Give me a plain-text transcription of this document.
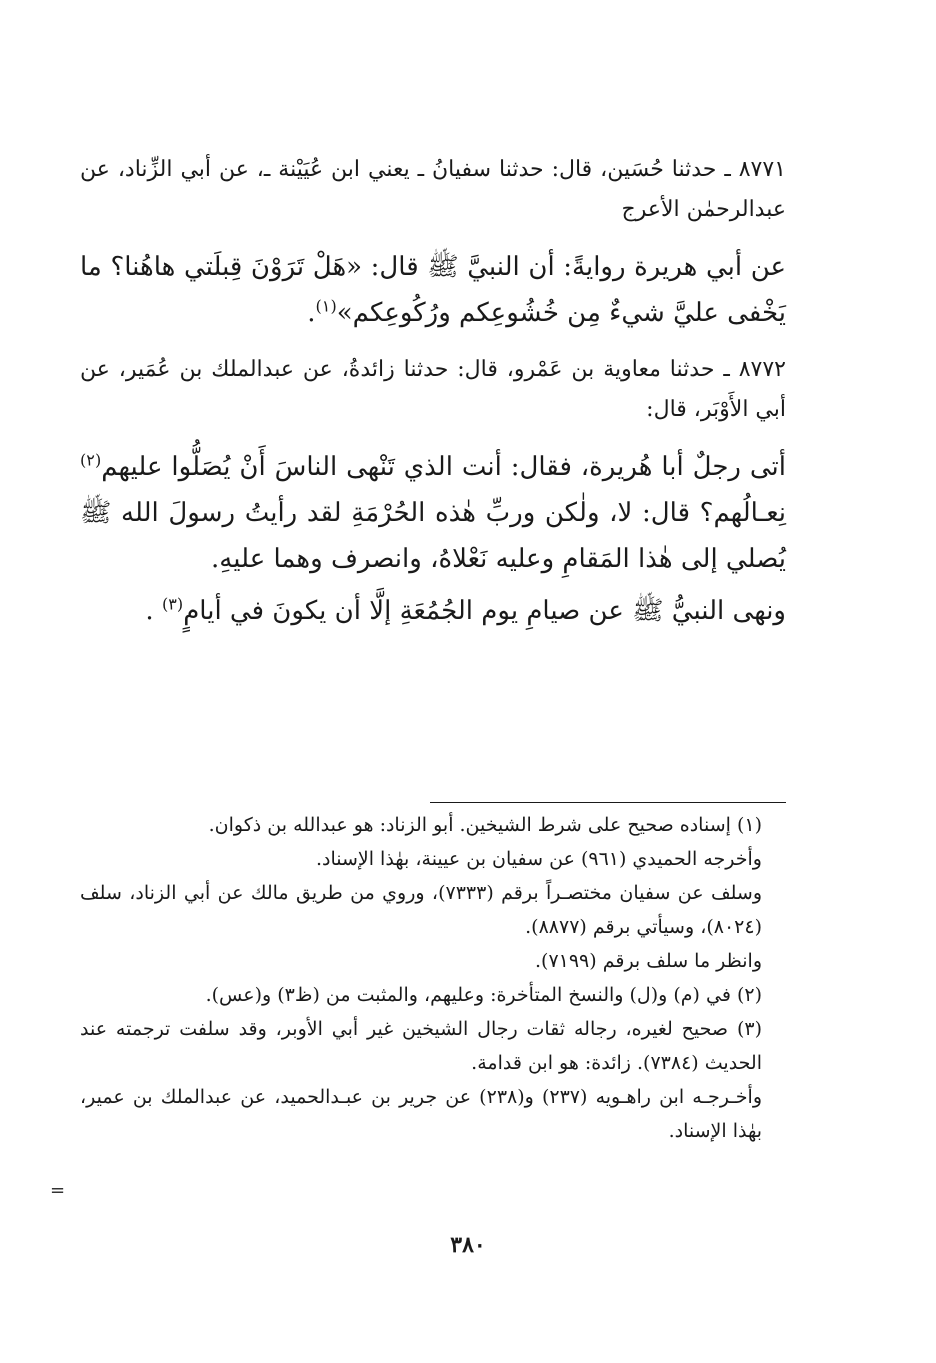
٨٧٧١ ـ حدثنا حُسَين، قال: حدثنا سفيانُ ـ يعني ابن عُيَيْنة ـ، عن أبي الزِّناد، عن عبدالرحمٰن الأعرج

عن أبي هريرة روايةً: أن النبيَّ ﷺ قال: «هَلْ تَرَوْنَ قِبلَتي هاهُنا؟ ما يَخْفى عليَّ شيءٌ مِن خُشُوعِكم ورُكُوعِكم»$^{(١)}$.

٨٧٧٢ ـ حدثنا معاوية بن عَمْرو، قال: حدثنا زائدةُ، عن عبدالملك بن عُمَير، عن أبي الأَوْبَر، قال:

أتى رجلٌ أبا هُريرة، فقال: أنت الذي تَنْهى الناسَ أَنْ يُصَلُّوا عليهم$^{(٢)}$ نِعـالُهم؟ قال: لا، ولٰكن وربِّ هٰذه الحُرْمَةِ لقد رأيتُ رسولَ الله ﷺ يُصلي إلى هٰذا المَقامِ وعليه نَعْلاهُ، وانصرف وهما عليهِ.

ونهى النبيُّ ﷺ عن صيامِ يوم الجُمُعَةِ إلَّا أن يكونَ في أيامٍ$^{(٣)}$ .

(١) إسناده صحيح على شرط الشيخين. أبو الزناد: هو عبدالله بن ذكوان.

وأخرجه الحميدي (٩٦١) عن سفيان بن عيينة، بهٰذا الإسناد.

وسلف عن سفيان مختصـراً برقم (٧٣٣٣)، وروي من طريق مالك عن أبي الزناد، سلف (٨٠٢٤)، وسيأتي برقم (٨٨٧٧).

وانظر ما سلف برقم (٧١٩٩).

(٢) في (م) و(ل) والنسخ المتأخرة: وعليهم، والمثبت من (ظ٣) و(عس).

(٣) صحيح لغيره، رجاله ثقات رجال الشيخين غير أبي الأوبر، وقد سلفت ترجمته عند الحديث (٧٣٨٤). زائدة: هو ابن قدامة.

وأخـرجـه ابن راهـويه (٢٣٧) و(٢٣٨) عن جرير بن عبـدالحميد، عن عبدالملك بن عمير، بهٰذا الإسناد.

=
٣٨٠
